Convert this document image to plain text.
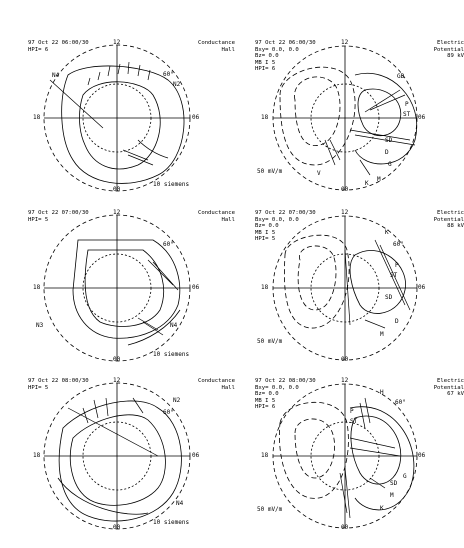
97 Oct 22 06:00/30
HPI= 6
Conductance
Hall
12
00
18	06
60°
N4
N2
10 siemens
97 Oct 22 06:00/30
Bxy= 0.0, 0.0
Bz= 0.0
MB I 5
HPI= 6
Electric
Potential
89 kV
12
00
18	06
GB
P
ST
SD
D
G
K
M
V
50 mV/m
97 Oct 22 07:00/30
HPI= 5
Conductance
Hall
12
00
18	06
60°
N3	N4
10 siemens
97 Oct 22 07:00/30
Bxy= 0.0, 0.0
Bz= 0.0
MB I 5
HPI= 5
Electric
Potential
88 kV
12
00
18	06
60°
K
P
ST
SD
D
M
50 mV/m
97 Oct 22 08:00/30
HPI= 5
Conductance
Hall
12
00
18	06
60°
N2
N4
10 siemens
97 Oct 22 08:00/30
Bxy= 0.0, 0.0
Bz= 0.0
MB I 5
HPI= 6
Electric
Potential
67 kV
12
00
18	06
60°
H
P
ST
SD
G
K
M
50 mV/m
